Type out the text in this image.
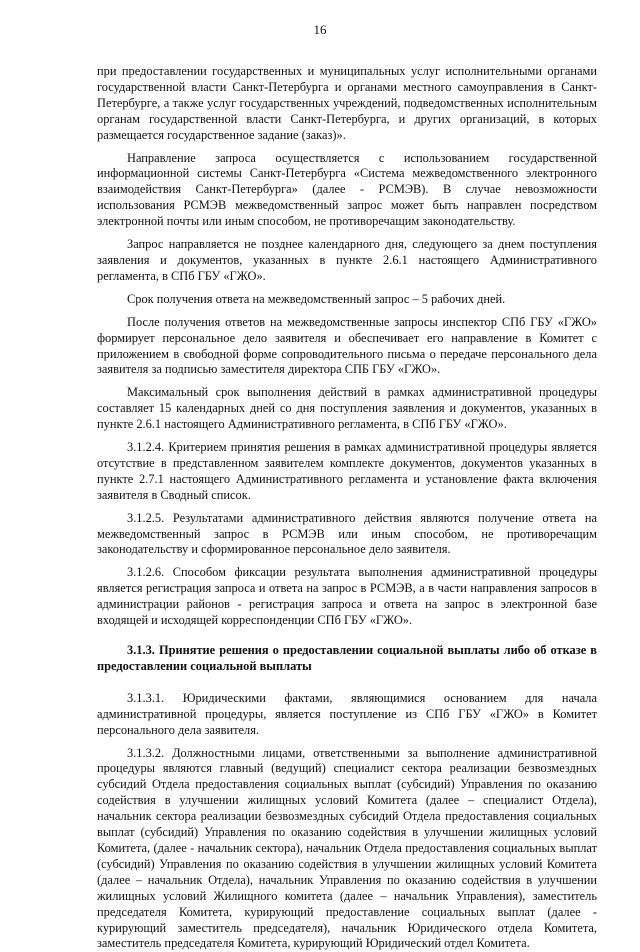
16

при предоставлении государственных и муниципальных услуг исполнительными органами государственной власти Санкт-Петербурга и органами местного самоуправления в Санкт-Петербурге, а также услуг государственных учреждений, подведомственных исполнительным органам государственной власти Санкт-Петербурга, и других организаций, в которых размещается государственное задание (заказ)».

Направление запроса осуществляется с использованием государственной информационной системы Санкт-Петербурга «Система межведомственного электронного взаимодействия Санкт-Петербурга» (далее - РСМЭВ). В случае невозможности использования РСМЭВ межведомственный запрос может быть направлен посредством электронной почты или иным способом, не противоречащим законодательству.

Запрос направляется не позднее календарного дня, следующего за днем поступления заявления и документов, указанных в пункте 2.6.1 настоящего Административного регламента, в СПб ГБУ «ГЖО».

Срок получения ответа на межведомственный запрос – 5 рабочих дней.

После получения ответов на межведомственные запросы инспектор СПб ГБУ «ГЖО» формирует персональное дело заявителя и обеспечивает его направление в Комитет с приложением в свободной форме сопроводительного письма о передаче персонального дела заявителя за подписью заместителя директора СПБ ГБУ «ГЖО».

Максимальный срок выполнения действий в рамках административной процедуры составляет 15 календарных дней со дня поступления заявления и документов, указанных в пункте 2.6.1 настоящего Административного регламента, в СПб ГБУ «ГЖО».

3.1.2.4. Критерием принятия решения в рамках административной процедуры является отсутствие в представленном заявителем комплекте документов, документов указанных в пункте 2.7.1 настоящего Административного регламента и установление факта включения заявителя в Сводный список.

3.1.2.5. Результатами административного действия являются получение ответа на межведомственный запрос в РСМЭВ или иным способом, не противоречащим законодательству и сформированное персональное дело заявителя.

3.1.2.6. Способом фиксации результата выполнения административной процедуры является регистрация запроса и ответа на запрос в РСМЭВ, а в части направления запросов в администрации районов - регистрация запроса и ответа на запрос в электронной базе входящей и исходящей корреспонденции СПб ГБУ «ГЖО».

3.1.3. Принятие решения о предоставлении социальной выплаты либо об отказе в предоставлении социальной выплаты

3.1.3.1. Юридическими фактами, являющимися основанием для начала административной процедуры, является поступление из СПб ГБУ «ГЖО» в Комитет персонального дела заявителя.

3.1.3.2. Должностными лицами, ответственными за выполнение административной процедуры являются главный (ведущий) специалист сектора реализации безвозмездных субсидий Отдела предоставления социальных выплат (субсидий) Управления по оказанию содействия в улучшении жилищных условий Комитета (далее – специалист Отдела), начальник сектора реализации безвозмездных субсидий Отдела предоставления социальных выплат (субсидий) Управления по оказанию содействия в улучшении жилищных условий Комитета, (далее - начальник сектора), начальник Отдела предоставления социальных выплат (субсидий) Управления по оказанию содействия в улучшении жилищных условий Комитета (далее – начальник Отдела), начальник Управления по оказанию содействия в улучшении жилищных условий Жилищного комитета (далее – начальник Управления), заместитель председателя Комитета, курирующий предоставление социальных выплат (далее - курирующий заместитель председателя), начальник Юридического отдела Комитета, заместитель председателя Комитета, курирующий Юридический отдел Комитета.
